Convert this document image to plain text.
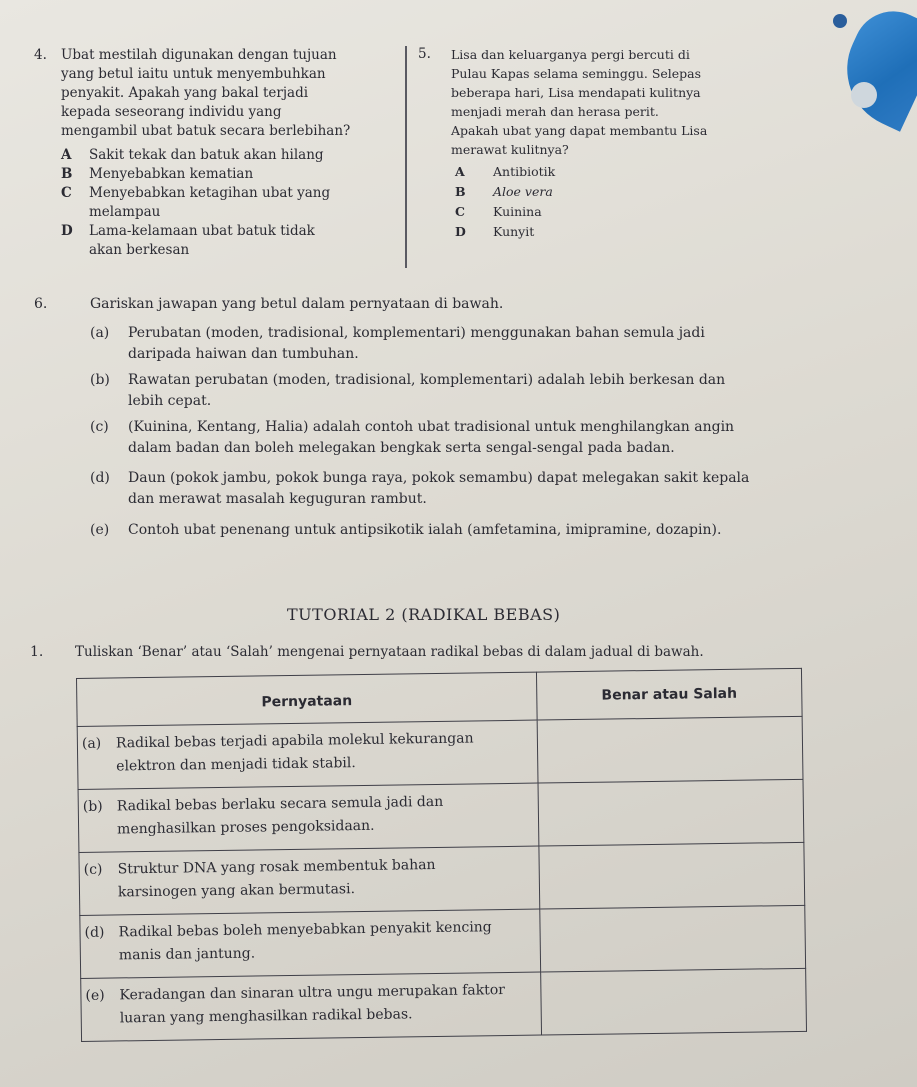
4. Ubat mestilah digunakan dengan tujuan
yang betul iaitu untuk menyembuhkan
penyakit. Apakah yang bakal terjadi
kepada seseorang individu yang
mengambil ubat batuk secara berlebihan?
A	Sakit tekak dan batuk akan hilang
B	Menyebabkan kematian
C	Menyebabkan ketagihan ubat yang
melampau
D	Lama-kelamaan ubat batuk tidak
akan berkesan
5. Lisa dan keluarganya pergi bercuti di
Pulau Kapas selama seminggu. Selepas
beberapa hari, Lisa mendapati kulitnya
menjadi merah dan herasa perit.
Apakah ubat yang dapat membantu Lisa
merawat kulitnya?
A	Antibiotik
B	Aloe vera
C	Kuinina
D	Kunyit
6.	Gariskan jawapan yang betul dalam pernyataan di bawah.
(a) Perubatan (moden, tradisional, komplementari) menggunakan bahan semula jadi
daripada haiwan dan tumbuhan.
(b) Rawatan perubatan (moden, tradisional, komplementari) adalah lebih berkesan dan
lebih cepat.
(c) (Kuinina, Kentang, Halia) adalah contoh ubat tradisional untuk menghilangkan angin
dalam badan dan boleh melegakan bengkak serta sengal-sengal pada badan.
(d) Daun (pokok jambu, pokok bunga raya, pokok semambu) dapat melegakan sakit kepala
dan merawat masalah keguguran rambut.
(e) Contoh ubat penenang untuk antipsikotik ialah (amfetamina, imipramine, dozapin).
TUTORIAL 2 (RADIKAL BEBAS)
1. Tuliskan ‘Benar’ atau ‘Salah’ mengenai pernyataan radikal bebas di dalam jadual di bawah.
Pernyataan	Benar atau Salah
(a) Radikal bebas terjadi apabila molekul kekurangan
elektron dan menjadi tidak stabil.	
(b) Radikal bebas berlaku secara semula jadi dan
menghasilkan proses pengoksidaan.	
(c) Struktur DNA yang rosak membentuk bahan
karsinogen yang akan bermutasi.	
(d) Radikal bebas boleh menyebabkan penyakit kencing
manis dan jantung.	
(e) Keradangan dan sinaran ultra ungu merupakan faktor
luaran yang menghasilkan radikal bebas.	
